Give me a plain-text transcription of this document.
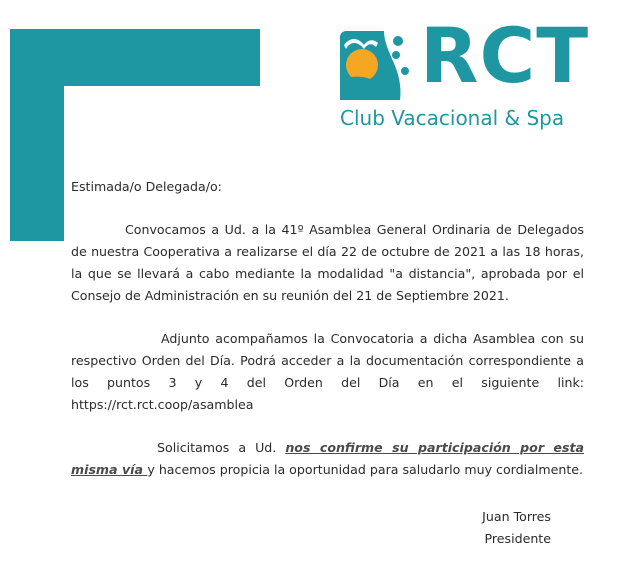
RCT
Club Vacacional & Spa

Estimada/o Delegada/o:

Convocamos a Ud. a la 41º Asamblea General Ordinaria de Delegados de nuestra Cooperativa a realizarse el día 22 de octubre de 2021 a las 18 horas, la que se llevará a cabo mediante la modalidad "a distancia", aprobada por el Consejo de Administración en su reunión del 21 de Septiembre 2021.

Adjunto acompañamos la Convocatoria a dicha Asamblea con su respectivo Orden del Día. Podrá acceder a la documentación correspondiente a los puntos 3 y 4 del Orden del Día en el siguiente link: https://rct.rct.coop/asamblea

Solicitamos a Ud. nos confirme su participación por esta misma vía y hacemos propicia la oportunidad para saludarlo muy cordialmente.

Juan Torres
Presidente
